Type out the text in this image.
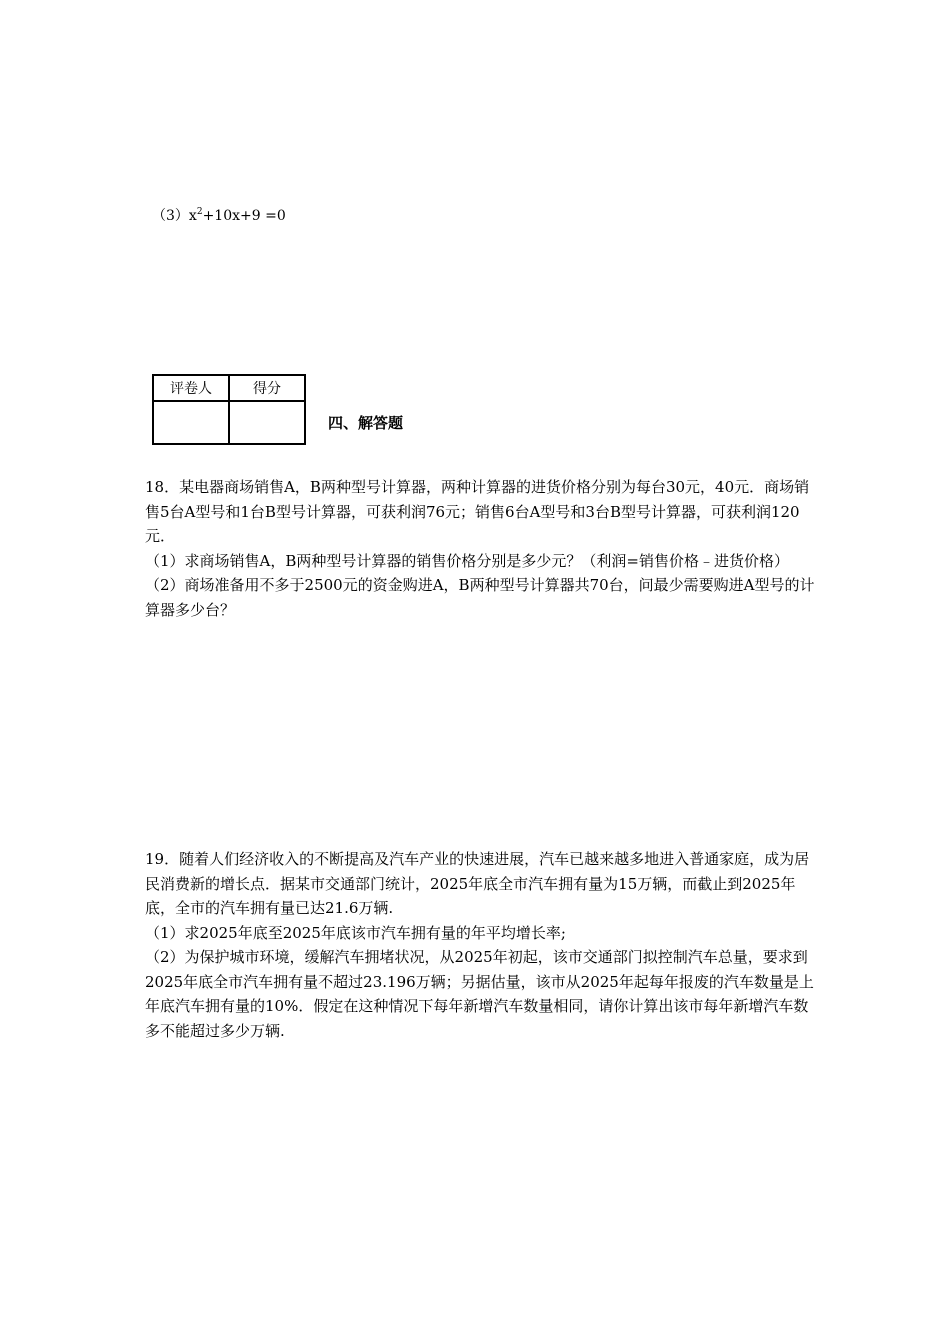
$(3)x^2+10x+9 =0$
评卷人	得分

四、解答题

18．某电器商场销售A，B两种型号计算器，两种计算器的进货价格分别为每台30元，40元．商场销售5台A型号和1台B型号计算器，可获利润76元；销售6台A型号和3台B型号计算器，可获利润120元．

（1）求商场销售A，B两种型号计算器的销售价格分别是多少元？（利润=销售价格﹣进货价格）

（2）商场准备用不多于2500元的资金购进A，B两种型号计算器共70台，问最少需要购进A型号的计算器多少台？

19．随着人们经济收入的不断提高及汽车产业的快速进展，汽车已越来越多地进入普通家庭，成为居民消费新的增长点．据某市交通部门统计，2025年底全市汽车拥有量为15万辆，而截止到2025年底，全市的汽车拥有量已达21.6万辆.

（1）求2025年底至2025年底该市汽车拥有量的年平均增长率;

（2）为保护城市环境，缓解汽车拥堵状况，从2025年初起，该市交通部门拟控制汽车总量，要求到2025年底全市汽车拥有量不超过23.196万辆；另据估量，该市从2025年起每年报废的汽车数量是上年底汽车拥有量的10%．假定在这种情况下每年新增汽车数量相同，请你计算出该市每年新增汽车数多不能超过多少万辆.
